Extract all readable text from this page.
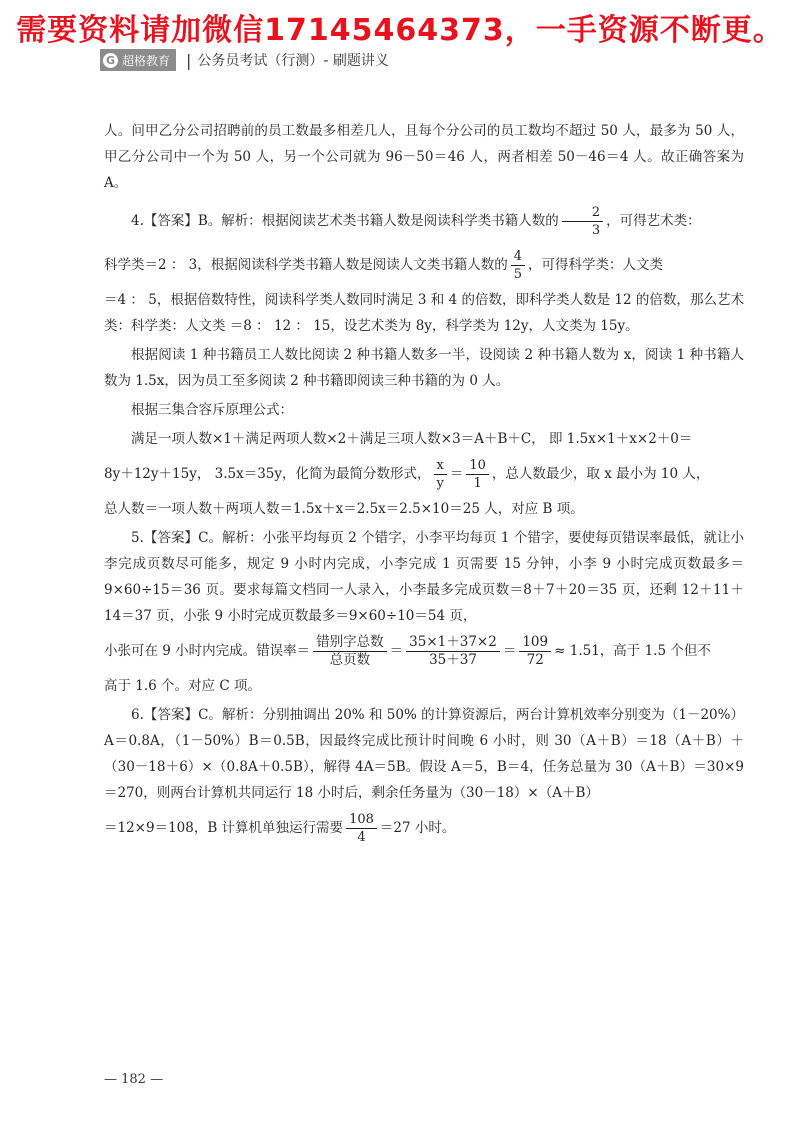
需要资料请加微信17145464373，一手资源不断更。
G 超格教育 | 公务员考试（行测）- 刷题讲义

人。问甲乙分公司招聘前的员工数最多相差几人，且每个分公司的员工数均不超过 50 人，最多为 50 人，甲乙分公司中一个为 50 人，另一个公司就为 96－50＝46 人，两者相差 50－46＝4 人。故正确答案为 A。

4.【答案】B。解析：根据阅读艺术类书籍人数是阅读科学类书籍人数的 $\frac{2}{3}$ ，可得艺术类：

科学类＝2 ： 3，根据阅读科学类书籍人数是阅读人文类书籍人数的 $\frac{4}{5}$ ，可得科学类：人文类

＝4 ： 5，根据倍数特性，阅读科学类人数同时满足 3 和 4 的倍数，即科学类人数是 12 的倍数，那么艺术类：科学类：人文类 ＝8 ： 12 ： 15，设艺术类为 8y，科学类为 12y，人文类为 15y。

根据阅读 1 种书籍员工人数比阅读 2 种书籍人数多一半，设阅读 2 种书籍人数为 x，阅读 1 种书籍人数为 1.5x，因为员工至多阅读 2 种书籍即阅读三种书籍的为 0 人。

根据三集合容斥原理公式：

满足一项人数×1＋满足两项人数×2＋满足三项人数×3＝A＋B＋C， 即 1.5x×1＋x×2＋0＝

8y＋12y＋15y， 3.5x＝35y，化简为最简分数形式， $\frac{x}{y} = \frac{10}{1}$ ，总人数最少，取 x 最小为 10 人，

总人数＝一项人数＋两项人数＝1.5x＋x＝2.5x＝2.5×10＝25 人，对应 B 项。

5.【答案】C。解析：小张平均每页 2 个错字，小李平均每页 1 个错字，要使每页错误率最低，就让小李完成页数尽可能多，规定 9 小时内完成，小李完成 1 页需要 15 分钟，小李 9 小时完成页数最多＝9×60÷15＝36 页。要求每篇文档同一人录入，小李最多完成页数＝8＋7＋20＝35 页，还剩 12＋11＋14＝37 页，小张 9 小时完成页数最多＝9×60÷10＝54 页，

小张可在 9 小时内完成。错误率＝ $\frac{\text{错别字总数}}{\text{总页数}} = \frac{35\times 1+37\times 2}{35+37} = \frac{109}{72} \approx 1.51$，高于 1.5 个但不

高于 1.6 个。对应 C 项。

6.【答案】C。解析：分别抽调出 20% 和 50% 的计算资源后，两台计算机效率分别变为（1－20%）A＝0.8A，（1－50%）B＝0.5B，因最终完成比预计时间晚 6 小时，则 30（A＋B）＝18（A＋B）＋（30－18＋6）×（0.8A＋0.5B），解得 4A＝5B。假设 A＝5，B＝4，任务总量为 30（A＋B）＝30×9＝270，则两台计算机共同运行 18 小时后，剩余任务量为（30－18）×（A＋B）

＝12×9＝108，B 计算机单独运行需要 $\frac{108}{4} =27$ 小时。

— 182 —
